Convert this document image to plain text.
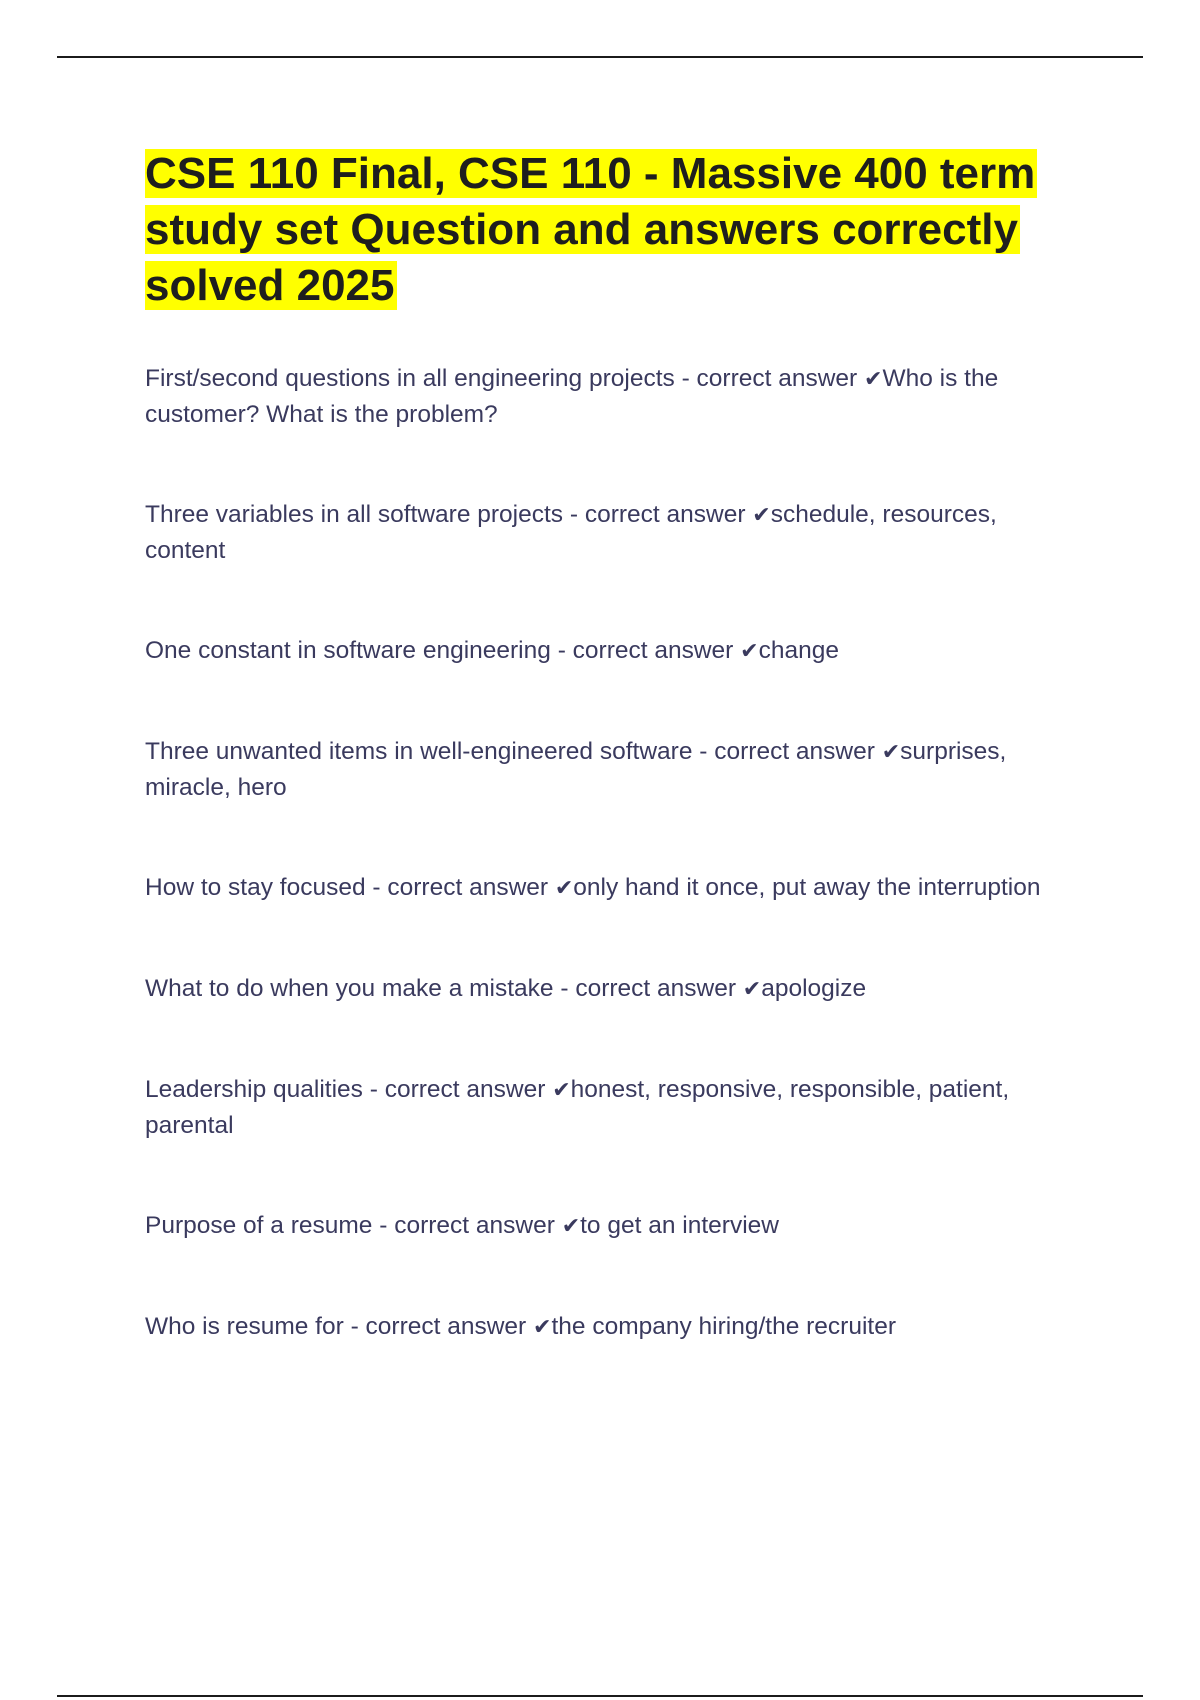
CSE 110 Final, CSE 110 - Massive 400 term study set Question and answers correctly solved 2025

First/second questions in all engineering projects - correct answer ✔Who is the customer? What is the problem?

Three variables in all software projects - correct answer ✔schedule, resources, content

One constant in software engineering - correct answer ✔change

Three unwanted items in well-engineered software - correct answer ✔surprises, miracle, hero

How to stay focused - correct answer ✔only hand it once, put away the interruption

What to do when you make a mistake - correct answer ✔apologize

Leadership qualities - correct answer ✔honest, responsive, responsible, patient, parental

Purpose of a resume - correct answer ✔to get an interview

Who is resume for - correct answer ✔the company hiring/the recruiter
